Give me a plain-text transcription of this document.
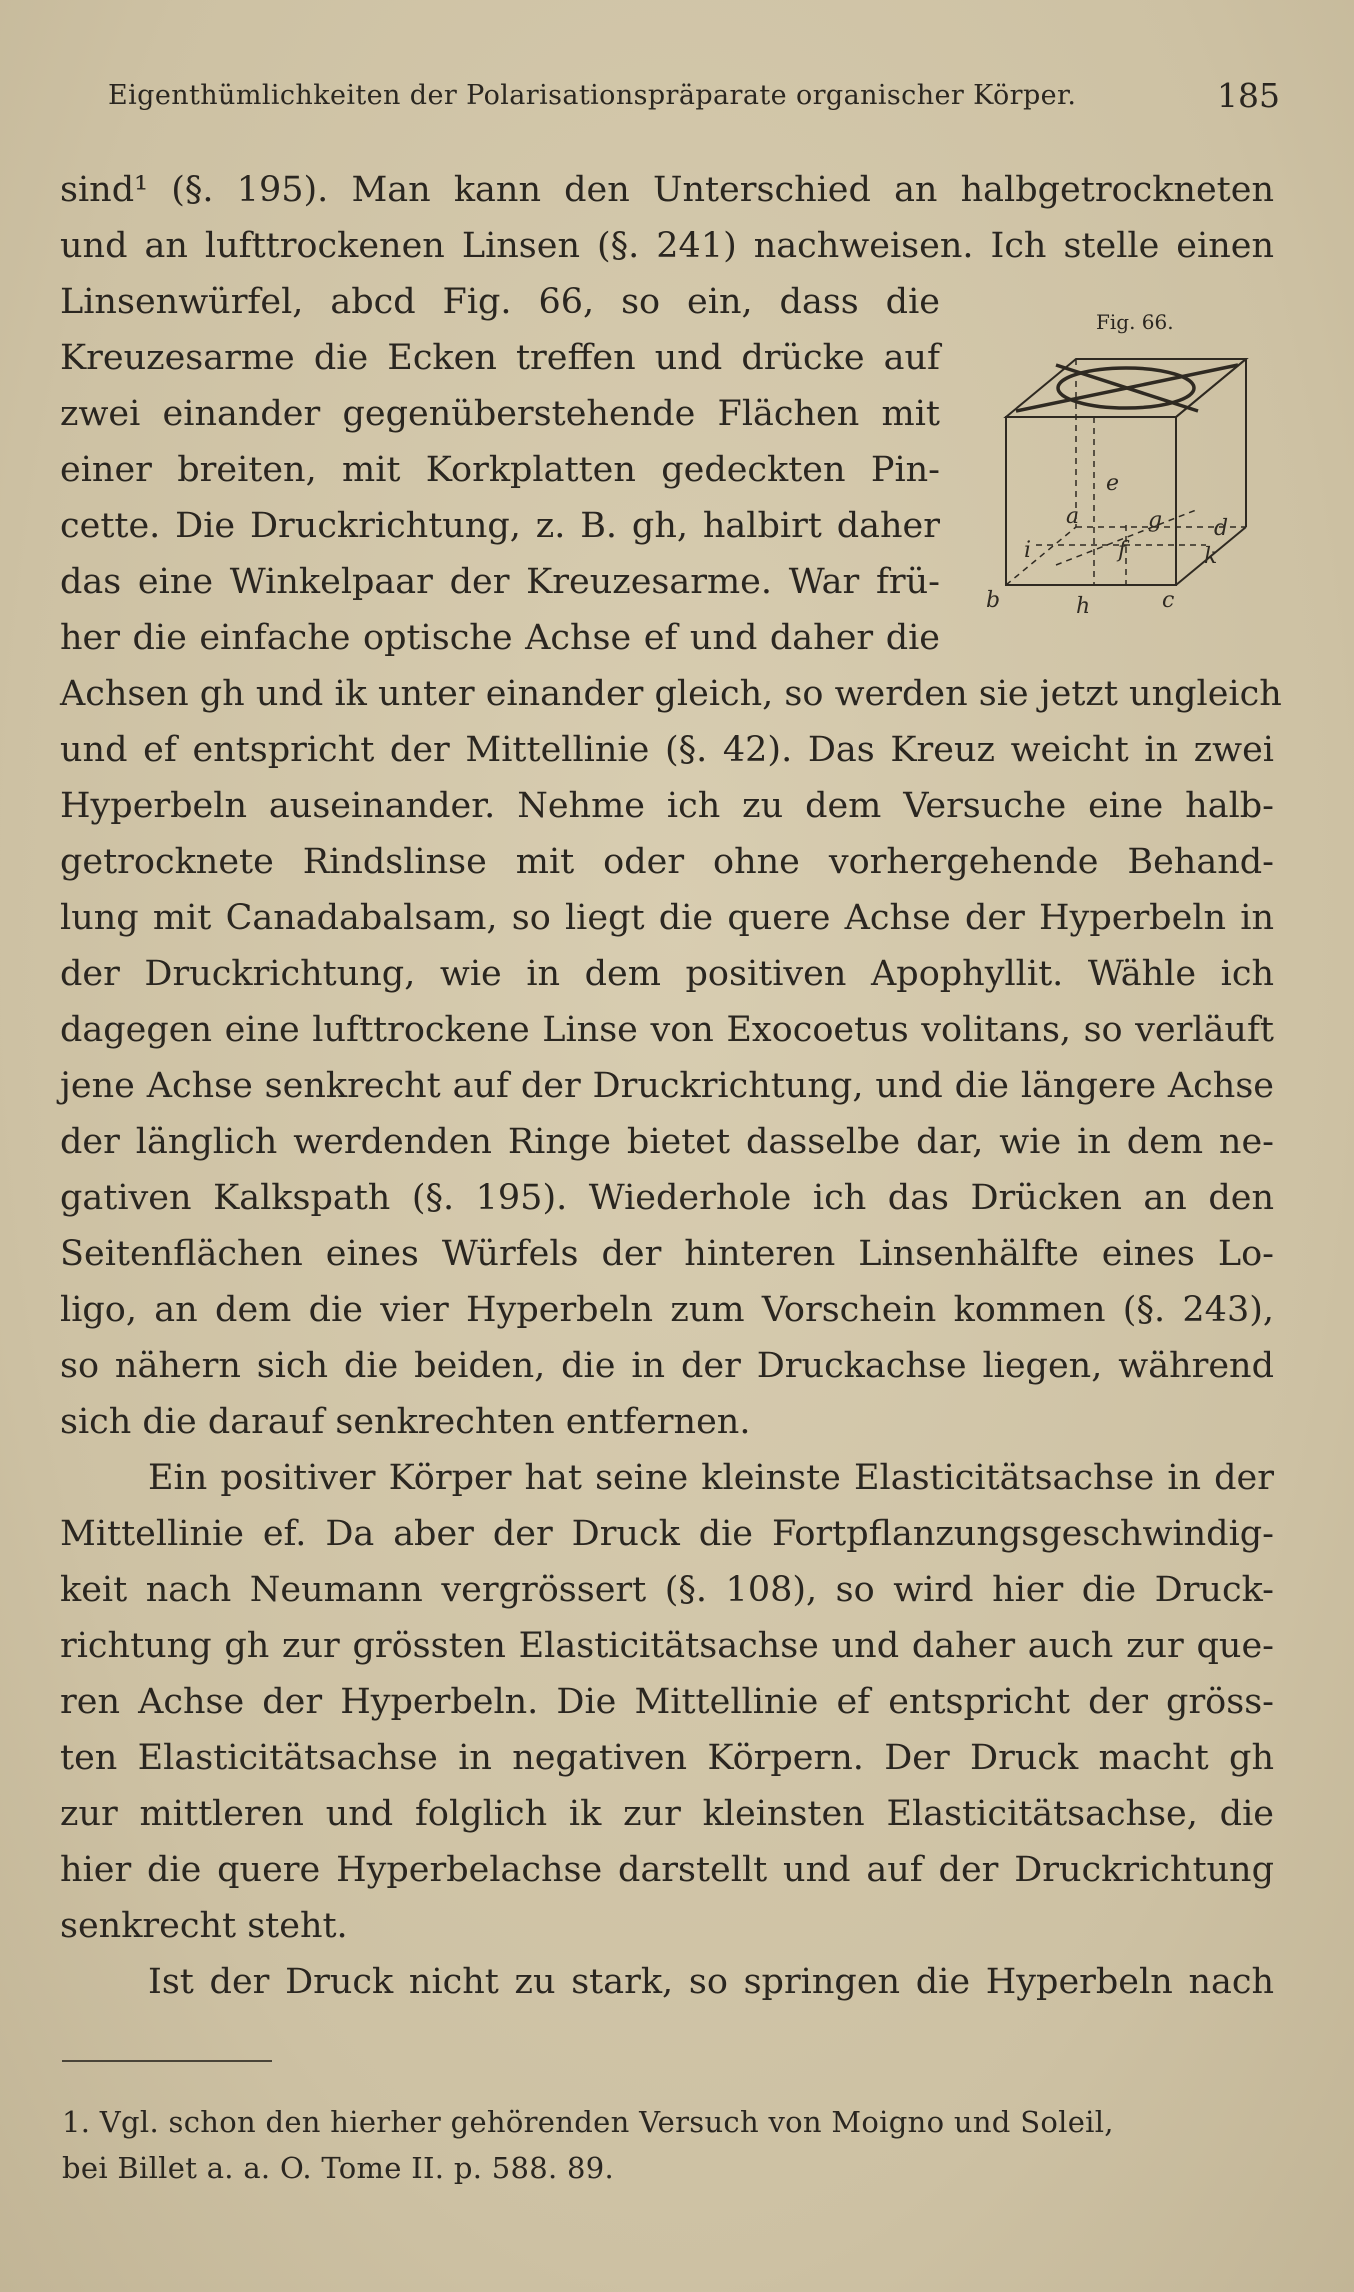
Eigenthümlichkeiten der Polarisationspräparate organischer Körper.	185
sind¹ (§. 195). Man kann den Unterschied an halbgetrockneten
und an lufttrockenen Linsen (§. 241) nachweisen. Ich stelle einen
Linsenwürfel, abcd Fig. 66, so ein, dass die
Kreuzesarme die Ecken treffen und drücke auf
zwei einander gegenüberstehende Flächen mit
einer breiten, mit Korkplatten gedeckten Pin-
cette. Die Druckrichtung, z. B. gh, halbirt daher
das eine Winkelpaar der Kreuzesarme. War frü-
her die einfache optische Achse ef und daher die
Achsen gh und ik unter einander gleich, so werden sie jetzt ungleich
und ef entspricht der Mittellinie (§. 42). Das Kreuz weicht in zwei
Hyperbeln auseinander. Nehme ich zu dem Versuche eine halb-
getrocknete Rindslinse mit oder ohne vorhergehende Behand-
lung mit Canadabalsam, so liegt die quere Achse der Hyperbeln in
der Druckrichtung, wie in dem positiven Apophyllit. Wähle ich
dagegen eine lufttrockene Linse von Exocoetus volitans, so verläuft
jene Achse senkrecht auf der Druckrichtung, und die längere Achse
der länglich werdenden Ringe bietet dasselbe dar, wie in dem ne-
gativen Kalkspath (§. 195). Wiederhole ich das Drücken an den
Seitenflächen eines Würfels der hinteren Linsenhälfte eines Lo-
ligo, an dem die vier Hyperbeln zum Vorschein kommen (§. 243),
so nähern sich die beiden, die in der Druckachse liegen, während
sich die darauf senkrechten entfernen.
Ein positiver Körper hat seine kleinste Elasticitätsachse in der
Mittellinie ef. Da aber der Druck die Fortpflanzungsgeschwindig-
keit nach Neumann vergrössert (§. 108), so wird hier die Druck-
richtung gh zur grössten Elasticitätsachse und daher auch zur que-
ren Achse der Hyperbeln. Die Mittellinie ef entspricht der gröss-
ten Elasticitätsachse in negativen Körpern. Der Druck macht gh
zur mittleren und folglich ik zur kleinsten Elasticitätsachse, die
hier die quere Hyperbelachse darstellt und auf der Druckrichtung
senkrecht steht.
Ist der Druck nicht zu stark, so springen die Hyperbeln nach
Fig. 66.
e
a	g d
i	f	k
b	h	c
1. Vgl. schon den hierher gehörenden Versuch von Moigno und Soleil,
bei Billet a. a. O. Tome II. p. 588. 89.
